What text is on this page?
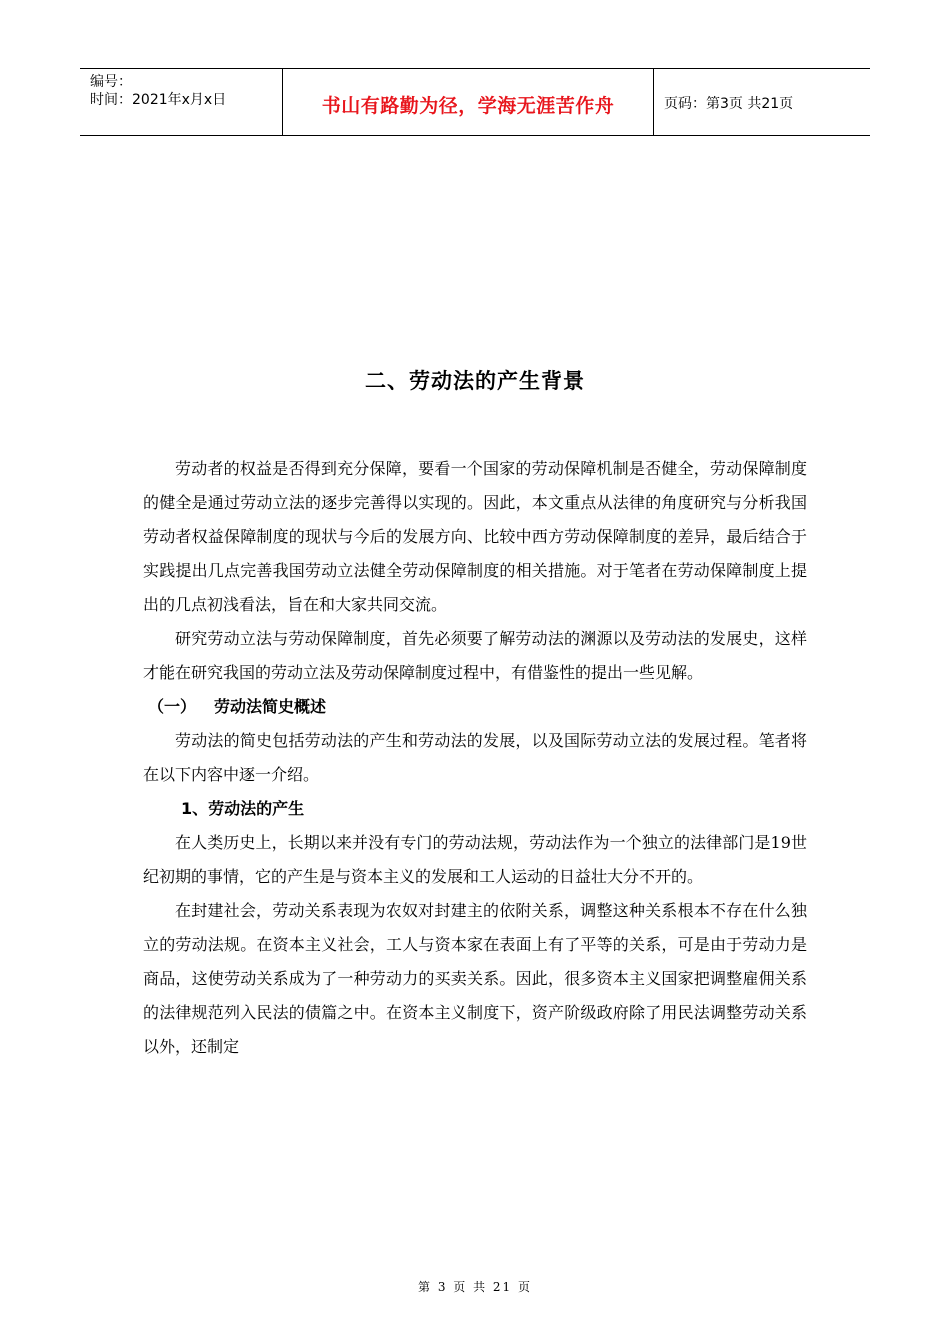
编号：
时间：2021年x月x日	书山有路勤为径，学海无涯苦作舟	页码：第3页 共21页
二、劳动法的产生背景

劳动者的权益是否得到充分保障，要看一个国家的劳动保障机制是否健全，劳动保障制度的健全是通过劳动立法的逐步完善得以实现的。因此，本文重点从法律的角度研究与分析我国劳动者权益保障制度的现状与今后的发展方向、比较中西方劳动保障制度的差异，最后结合于实践提出几点完善我国劳动立法健全劳动保障制度的相关措施。对于笔者在劳动保障制度上提出的几点初浅看法，旨在和大家共同交流。

研究劳动立法与劳动保障制度，首先必须要了解劳动法的渊源以及劳动法的发展史，这样才能在研究我国的劳动立法及劳动保障制度过程中，有借鉴性的提出一些见解。

（一） 劳动法简史概述

劳动法的简史包括劳动法的产生和劳动法的发展，以及国际劳动立法的发展过程。笔者将在以下内容中逐一介绍。

1、劳动法的产生

在人类历史上，长期以来并没有专门的劳动法规，劳动法作为一个独立的法律部门是19世纪初期的事情，它的产生是与资本主义的发展和工人运动的日益壮大分不开的。

在封建社会，劳动关系表现为农奴对封建主的依附关系，调整这种关系根本不存在什么独立的劳动法规。在资本主义社会，工人与资本家在表面上有了平等的关系，可是由于劳动力是商品，这使劳动关系成为了一种劳动力的买卖关系。因此，很多资本主义国家把调整雇佣关系的法律规范列入民法的债篇之中。在资本主义制度下，资产阶级政府除了用民法调整劳动关系以外，还制定

第 3 页 共 21 页
